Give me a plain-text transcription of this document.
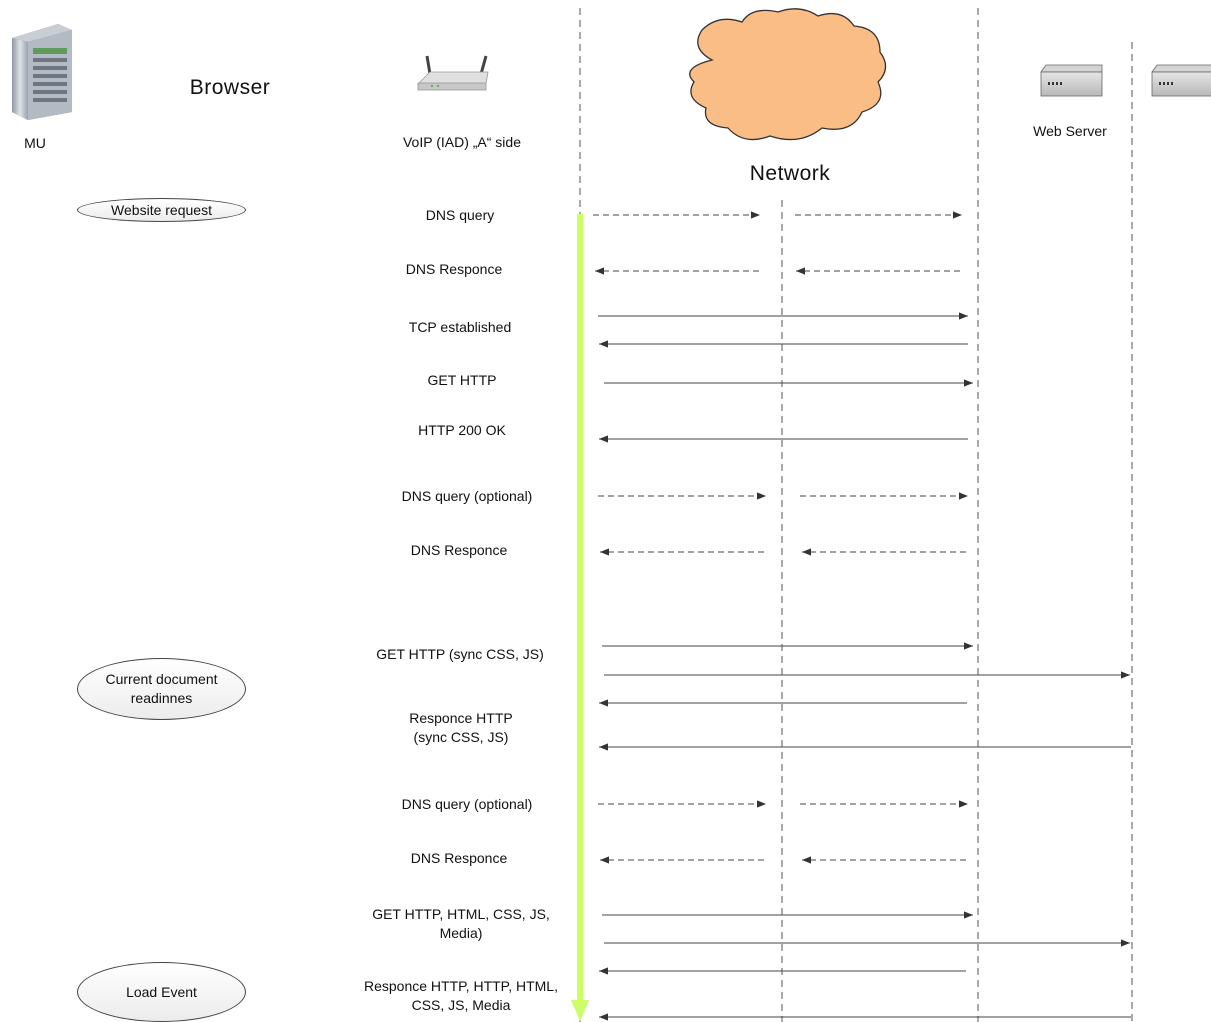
MU
Browser
VoIP (IAD) „A“ side
Network
Web Server
Website request
Current document
readinnes
Load Event
DNS query
DNS Responce
TCP established
GET HTTP
HTTP 200 OK
DNS query (optional)
DNS Responce
GET HTTP (sync CSS, JS)
Responce HTTP
(sync CSS, JS)
DNS query (optional)
DNS Responce
GET HTTP, HTML, CSS, JS,
Media)
Responce HTTP, HTTP, HTML,
CSS, JS, Media
